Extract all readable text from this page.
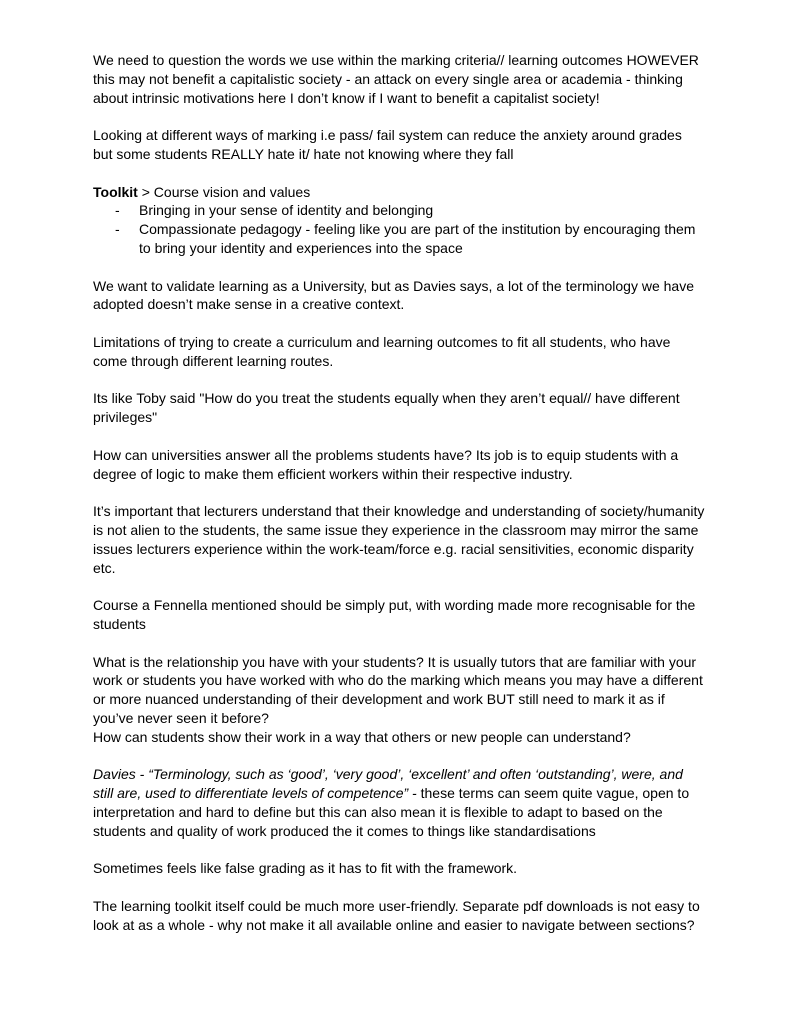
We need to question the words we use within the marking criteria// learning outcomes HOWEVER this may not benefit a capitalistic society - an attack on every single area or academia - thinking about intrinsic motivations here I don’t know if I want to benefit a capitalist society!

Looking at different ways of marking i.e pass/ fail system can reduce the anxiety around grades but some students REALLY hate it/ hate not knowing where they fall

Toolkit > Course vision and values

- Bringing in your sense of identity and belonging
- Compassionate pedagogy - feeling like you are part of the institution by encouraging them to bring your identity and experiences into the space

We want to validate learning as a University, but as Davies says, a lot of the terminology we have adopted doesn’t make sense in a creative context.

Limitations of trying to create a curriculum and learning outcomes to fit all students, who have come through different learning routes.

Its like Toby said "How do you treat the students equally when they aren’t equal// have different privileges"

How can universities answer all the problems students have? Its job is to equip students with a degree of logic to make them efficient workers within their respective industry.

It’s important that lecturers understand that their knowledge and understanding of society/humanity is not alien to the students, the same issue they experience in the classroom may mirror the same issues lecturers experience within the work-team/force e.g. racial sensitivities, economic disparity etc.

Course a Fennella mentioned should be simply put, with wording made more recognisable for the students

What is the relationship you have with your students? It is usually tutors that are familiar with your work or students you have worked with who do the marking which means you may have a different or more nuanced understanding of their development and work BUT still need to mark it as if you’ve never seen it before?

How can students show their work in a way that others or new people can understand?

Davies - “Terminology, such as ‘good’, ‘very good’, ‘excellent’ and often ‘outstanding’, were, and still are, used to differentiate levels of competence” - these terms can seem quite vague, open to interpretation and hard to define but this can also mean it is flexible to adapt to based on the students and quality of work produced the it comes to things like standardisations

Sometimes feels like false grading as it has to fit with the framework.

The learning toolkit itself could be much more user-friendly. Separate pdf downloads is not easy to look at as a whole - why not make it all available online and easier to navigate between sections?
